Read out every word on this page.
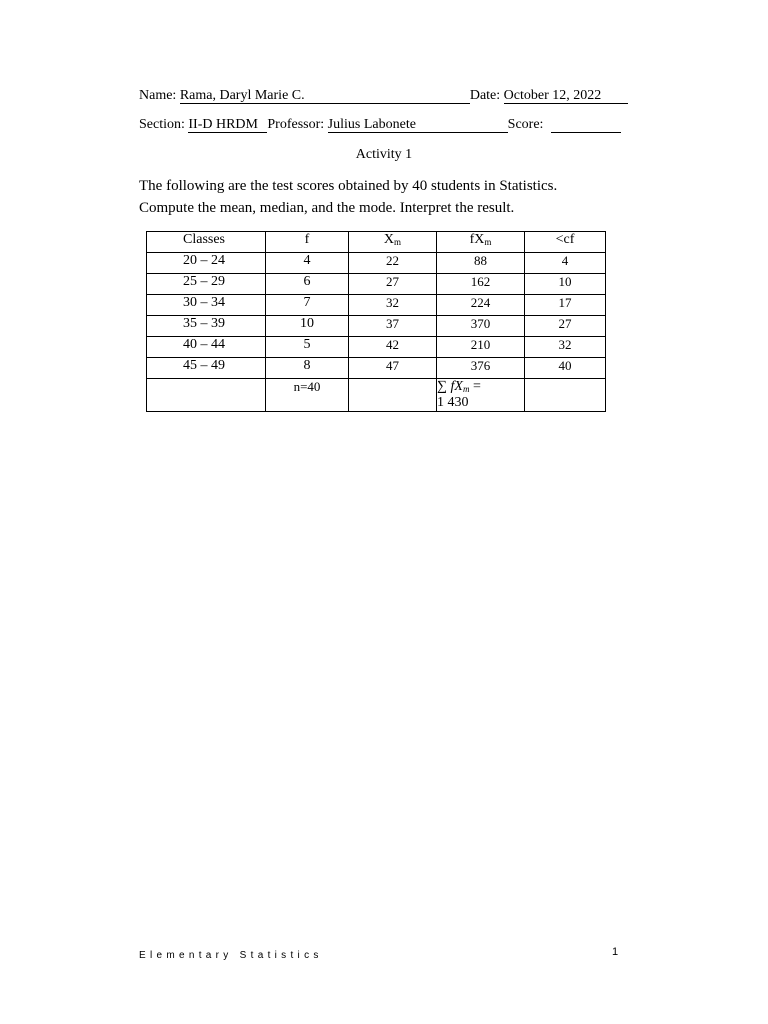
Name: Rama, Daryl Marie C.	Date: October 12, 2022
Section: II-D HRDM Professor: Julius Labonete	Score:
Activity 1
The following are the test scores obtained by 40 students in Statistics.
Compute the mean, median, and the mode. Interpret the result.
Classes	f	$X_m$	$fX_m$	<cf
20 – 24	4	22	88	4
25 – 29	6	27	162	10
30 – 34	7	32	224	17
35 – 39	10	37	370	27
40 – 44	5	42	210	32
45 – 49	8	47	376	40
	n=40		∑ $fX_m$ =
1 430	
Elementary Statistics	1
